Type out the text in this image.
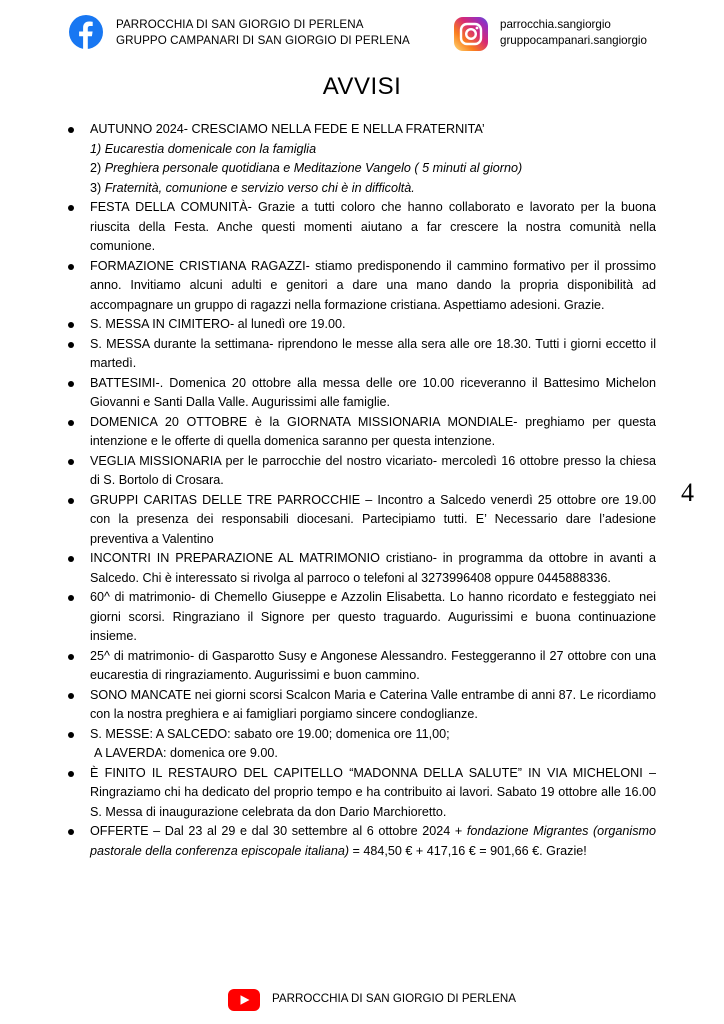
PARROCCHIA DI SAN GIORGIO DI PERLENA
GRUPPO CAMPANARI DI SAN GIORGIO DI PERLENA
parrocchia.sangiorgio
gruppocampanari.sangiorgio
AVVISI
AUTUNNO 2024- CRESCIAMO NELLA FEDE E NELLA FRATERNITA’
1) Eucarestia domenicale con la famiglia
2) Preghiera personale quotidiana e Meditazione Vangelo ( 5 minuti al giorno)
3) Fraternità, comunione e servizio verso chi è in difficoltà.
FESTA DELLA COMUNITÀ- Grazie a tutti coloro che hanno collaborato e lavorato per la buona riuscita della Festa. Anche questi momenti aiutano a far crescere la nostra comunità nella comunione.
FORMAZIONE CRISTIANA RAGAZZI- stiamo predisponendo il cammino formativo per il prossimo anno. Invitiamo alcuni adulti e genitori a dare una mano dando la propria disponibilità ad accompagnare un gruppo di ragazzi nella formazione cristiana. Aspettiamo adesioni. Grazie.
S. MESSA IN CIMITERO- al lunedì ore 19.00.
S. MESSA durante la settimana- riprendono le messe alla sera alle ore 18.30. Tutti i giorni eccetto il martedì.
BATTESIMI-. Domenica 20 ottobre alla messa delle ore 10.00 riceveranno il Battesimo Michelon Giovanni e Santi Dalla Valle. Augurissimi alle famiglie.
DOMENICA 20 OTTOBRE è la GIORNATA MISSIONARIA MONDIALE- preghiamo per questa intenzione e le offerte di quella domenica saranno per questa intenzione.
VEGLIA MISSIONARIA per le parrocchie del nostro vicariato- mercoledì 16 ottobre presso la chiesa di S. Bortolo di Crosara.
GRUPPI CARITAS DELLE TRE PARROCCHIE – Incontro a Salcedo venerdì 25 ottobre ore 19.00 con la presenza dei responsabili diocesani. Partecipiamo tutti. E’ Necessario dare l’adesione preventiva a Valentino
INCONTRI IN PREPARAZIONE AL MATRIMONIO cristiano- in programma da ottobre in avanti a Salcedo. Chi è interessato si rivolga al parroco o telefoni al 3273996408 oppure 0445888336.
60^ di matrimonio- di Chemello Giuseppe e Azzolin Elisabetta. Lo hanno ricordato e festeggiato nei giorni scorsi. Ringraziano il Signore per questo traguardo. Augurissimi e buona continuazione insieme.
25^ di matrimonio- di Gasparotto Susy e Angonese Alessandro. Festeggeranno il 27 ottobre con una eucarestia di ringraziamento. Augurissimi e buon cammino.
SONO MANCATE nei giorni scorsi Scalcon Maria e Caterina Valle entrambe di anni 87. Le ricordiamo con la nostra preghiera e ai famigliari porgiamo sincere condoglianze.
S. MESSE: A SALCEDO: sabato ore 19.00; domenica ore 11,00;
A LAVERDA: domenica ore 9.00.
È FINITO IL RESTAURO DEL CAPITELLO “MADONNA DELLA SALUTE” IN VIA MICHELONI – Ringraziamo chi ha dedicato del proprio tempo e ha contribuito ai lavori. Sabato 19 ottobre alle 16.00 S. Messa di inaugurazione celebrata da don Dario Marchioretto.
OFFERTE – Dal 23 al 29 e dal 30 settembre al 6 ottobre 2024 + fondazione Migrantes (organismo pastorale della conferenza episcopale italiana) = 484,50 € + 417,16 € = 901,66 €. Grazie!
4
PARROCCHIA DI SAN GIORGIO DI PERLENA
